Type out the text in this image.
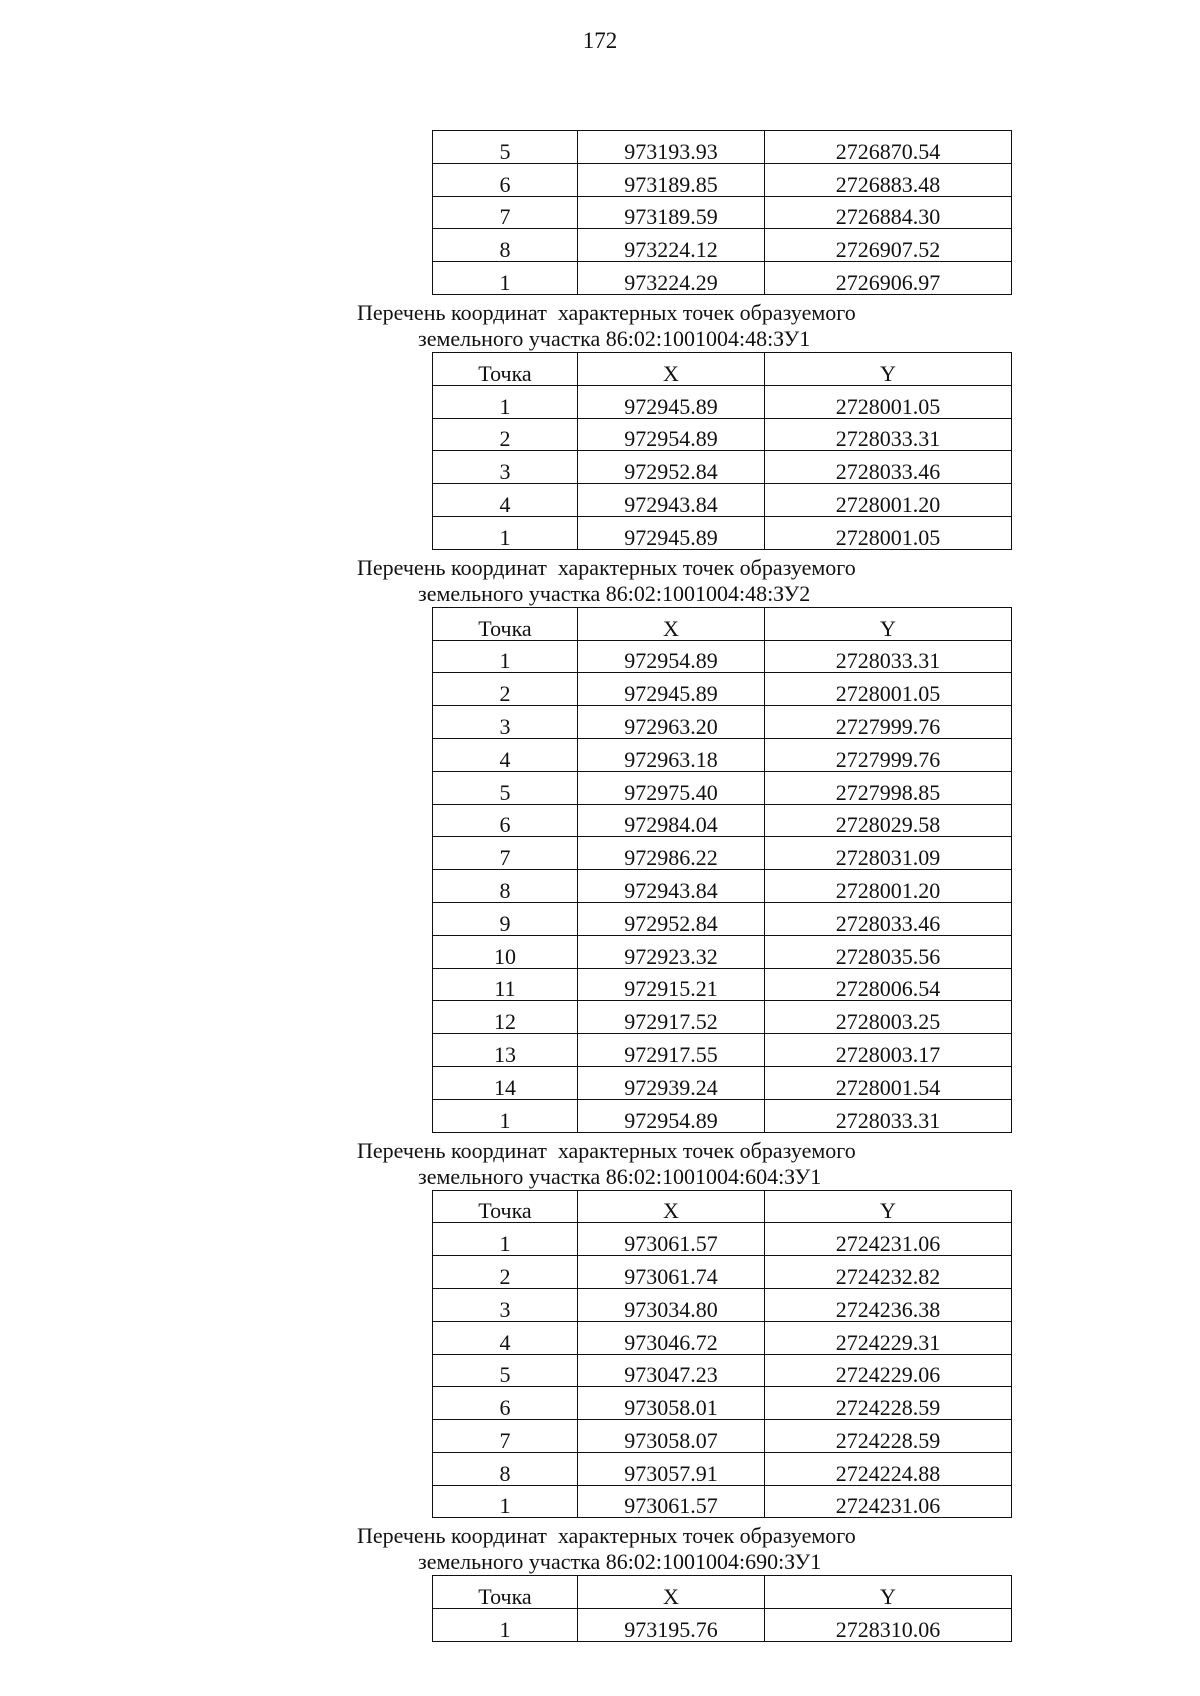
172
5	973193.93	2726870.54
6	973189.85	2726883.48
7	973189.59	2726884.30
8	973224.12	2726907.52
1	973224.29	2726906.97
Перечень координат  характерных точек образуемого
земельного участка 86:02:1001004:48:ЗУ1
Точка	X	Y
1	972945.89	2728001.05
2	972954.89	2728033.31
3	972952.84	2728033.46
4	972943.84	2728001.20
1	972945.89	2728001.05
Перечень координат  характерных точек образуемого
земельного участка 86:02:1001004:48:ЗУ2
Точка	X	Y
1	972954.89	2728033.31
2	972945.89	2728001.05
3	972963.20	2727999.76
4	972963.18	2727999.76
5	972975.40	2727998.85
6	972984.04	2728029.58
7	972986.22	2728031.09
8	972943.84	2728001.20
9	972952.84	2728033.46
10	972923.32	2728035.56
11	972915.21	2728006.54
12	972917.52	2728003.25
13	972917.55	2728003.17
14	972939.24	2728001.54
1	972954.89	2728033.31
Перечень координат  характерных точек образуемого
земельного участка 86:02:1001004:604:ЗУ1
Точка	X	Y
1	973061.57	2724231.06
2	973061.74	2724232.82
3	973034.80	2724236.38
4	973046.72	2724229.31
5	973047.23	2724229.06
6	973058.01	2724228.59
7	973058.07	2724228.59
8	973057.91	2724224.88
1	973061.57	2724231.06
Перечень координат  характерных точек образуемого
земельного участка 86:02:1001004:690:ЗУ1
Точка	X	Y
1	973195.76	2728310.06
